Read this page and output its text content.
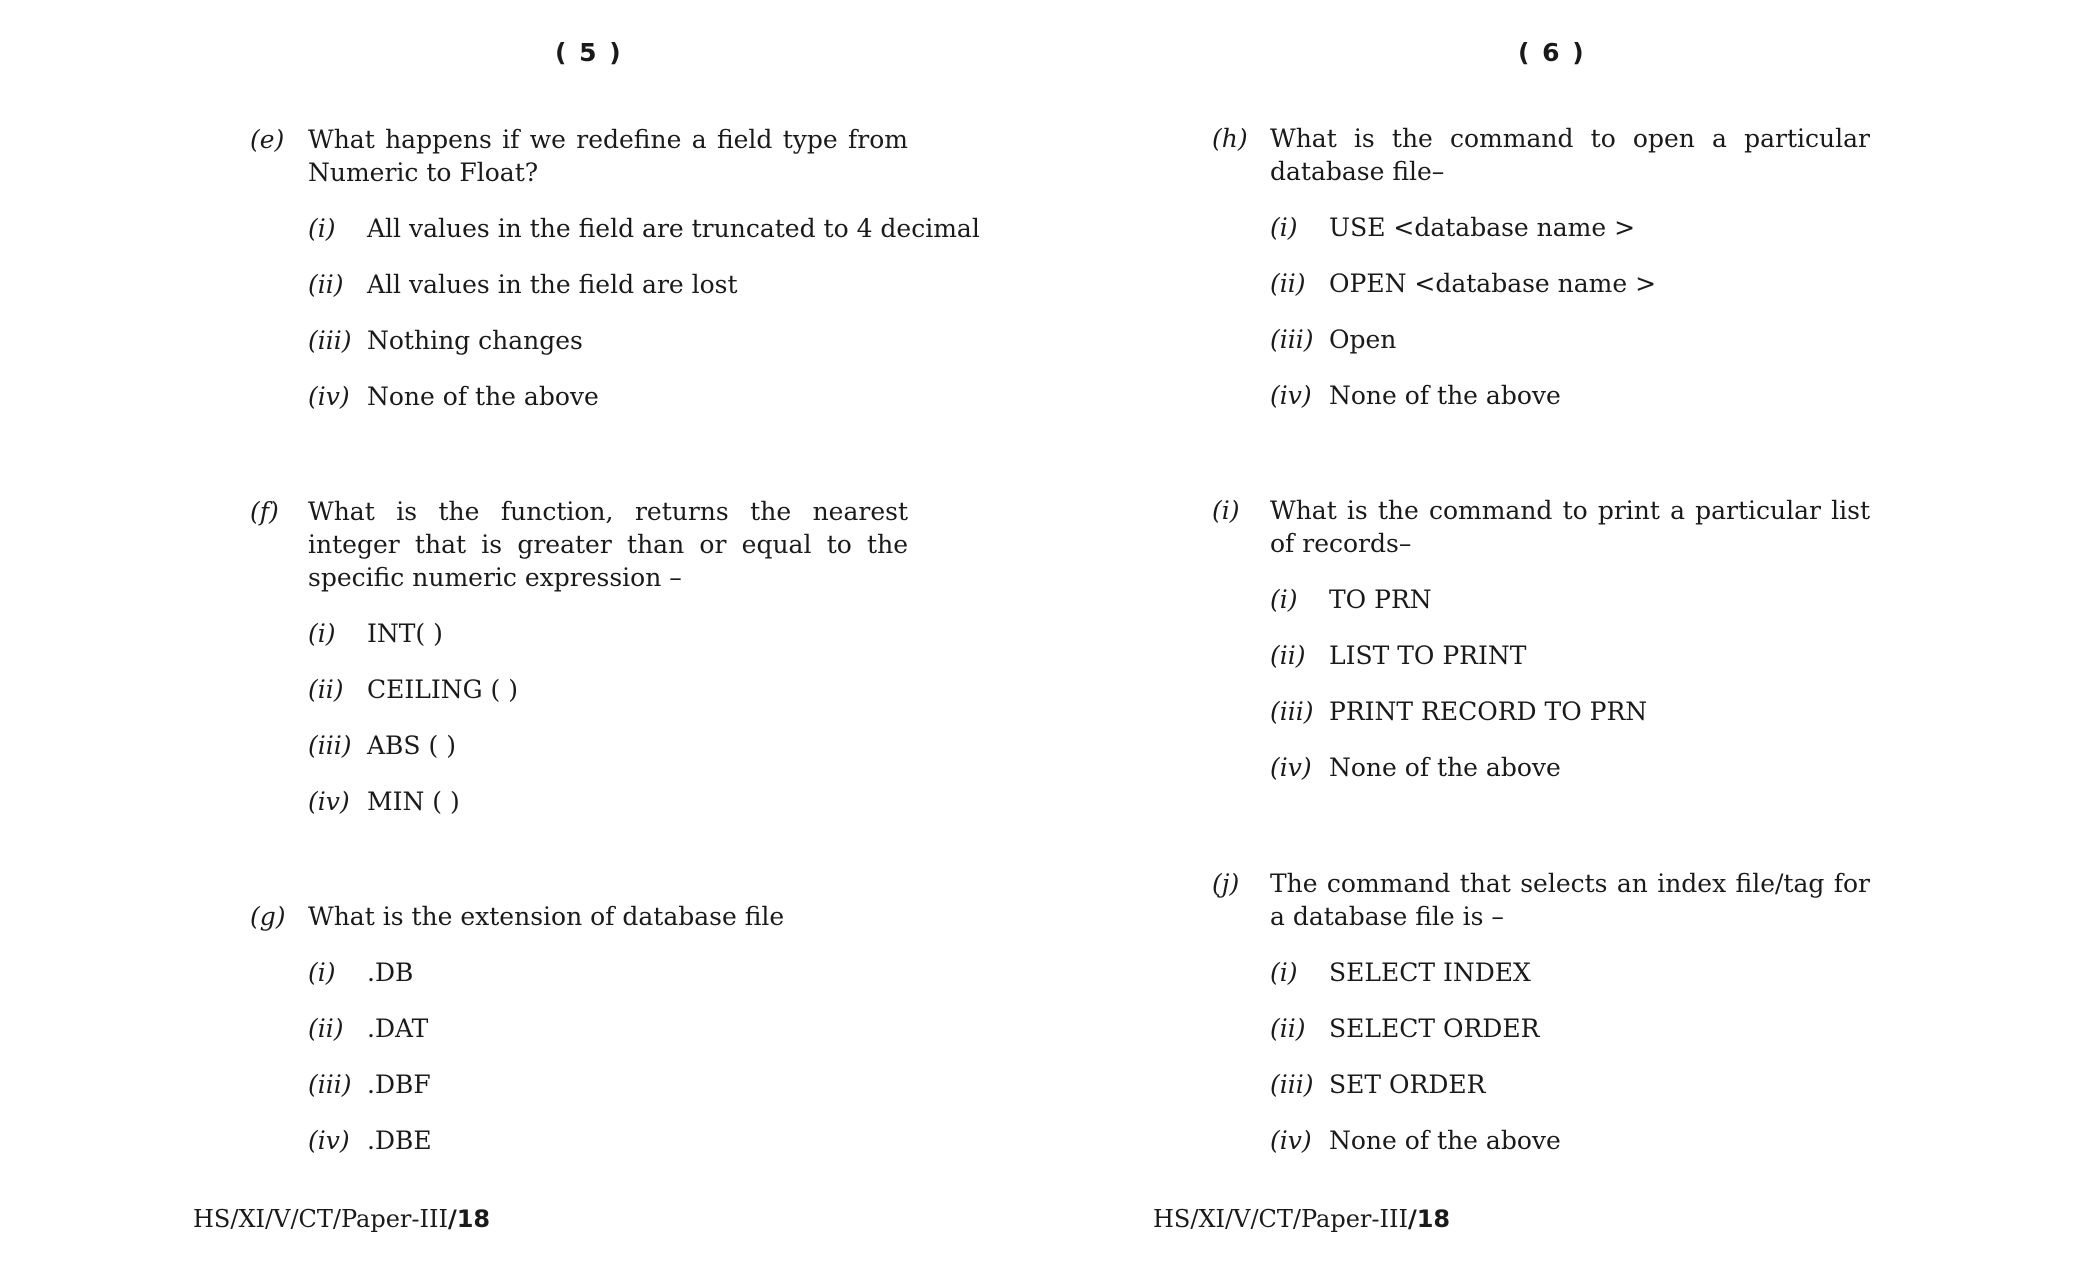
( 5 )
(e) What happens if we redefine a field type from Numeric to Float?
(i) All values in the field are truncated to 4 decimal
(ii) All values in the field are lost
(iii) Nothing changes
(iv) None of the above
(f) What is the function, returns the nearest integer that is greater than or equal to the specific numeric expression –
(i) INT( )
(ii) CEILING ( )
(iii) ABS ( )
(iv) MIN ( )
(g) What is the extension of database file
(i) .DB
(ii) .DAT
(iii) .DBF
(iv) .DBE
HS/XI/V/CT/Paper-III/18
( 6 )
(h) What is the command to open a particular database file–
(i) USE <database name >
(ii) OPEN <database name >
(iii) Open
(iv) None of the above
(i) What is the command to print a particular list of records–
(i) TO PRN
(ii) LIST TO PRINT
(iii) PRINT RECORD TO PRN
(iv) None of the above
(j) The command that selects an index file/tag for a database file is –
(i) SELECT INDEX
(ii) SELECT ORDER
(iii) SET ORDER
(iv) None of the above
HS/XI/V/CT/Paper-III/18
